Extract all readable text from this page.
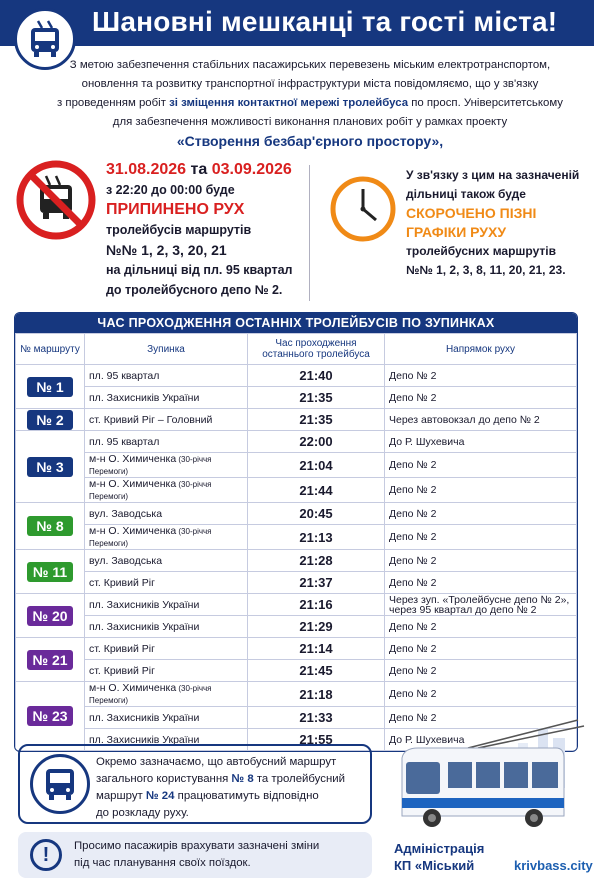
Шановні мешканці та гості міста!
З метою забезпечення стабільних пасажирських перевезень міським електротранспортом,
оновлення та розвитку транспортної інфраструктури міста повідомляємо, що у зв'язку
з проведенням робіт зі зміщення контактної мережі тролейбуса по просп. Університетському
для забезпечення можливості виконання планових робіт у рамках проекту
«Створення безбар'єрного простору»,
31.08.2026 та 03.09.2026
з 22:20 до 00:00 буде
ПРИПИНЕНО РУХ
тролейбусів маршрутів
№№ 1, 2, 3, 20, 21
на дільниці від пл. 95 квартал
до тролейбусного депо № 2.
У зв'язку з цим на зазначеній
дільниці також буде
СКОРОЧЕНО ПІЗНІ
ГРАФІКИ РУХУ
тролейбусних маршрутів
№№ 1, 2, 3, 8, 11, 20, 21, 23.
ЧАС ПРОХОДЖЕННЯ ОСТАННІХ ТРОЛЕЙБУСІВ ПО ЗУПИНКАХ
№ маршруту	Зупинка	Час проходження останнього тролейбуса	Напрямок руху
№ 1	пл. 95 квартал	21:40	Депо № 2
	пл. Захисників України	21:35	Депо № 2
№ 2	ст. Кривий Ріг – Головний	21:35	Через автовокзал до депо № 2
№ 3	пл. 95 квартал	22:00	До Р. Шухевича
	м-н О. Химиченка (30-річчя Перемоги)	21:04	Депо № 2
	м-н О. Химиченка (30-річчя Перемоги)	21:44	Депо № 2
№ 8	вул. Заводська	20:45	Депо № 2
	м-н О. Химиченка (30-річчя Перемоги)	21:13	Депо № 2
№ 11	вул. Заводська	21:28	Депо № 2
	ст. Кривий Ріг	21:37	Депо № 2
№ 20	пл. Захисників України	21:16	Через зуп. «Тролейбусне депо № 2», через 95 квартал до депо № 2
	пл. Захисників України	21:29	Депо № 2
№ 21	ст. Кривий Ріг	21:14	Депо № 2
	ст. Кривий Ріг	21:45	Депо № 2
№ 23	м-н О. Химиченка (30-річчя Перемоги)	21:18	Депо № 2
	пл. Захисників України	21:33	Депо № 2
	пл. Захисників України	21:55	До Р. Шухевича
Окремо зазначаємо, що автобусний маршрут
загального користування № 8 та тролейбусний
маршрут № 24 працюватимуть відповідно
до розкладу руху.
!	Просимо пасажирів врахувати зазначені зміни
під час планування своїх поїздок.
Адміністрація
КП «Міський	krivbass.city
